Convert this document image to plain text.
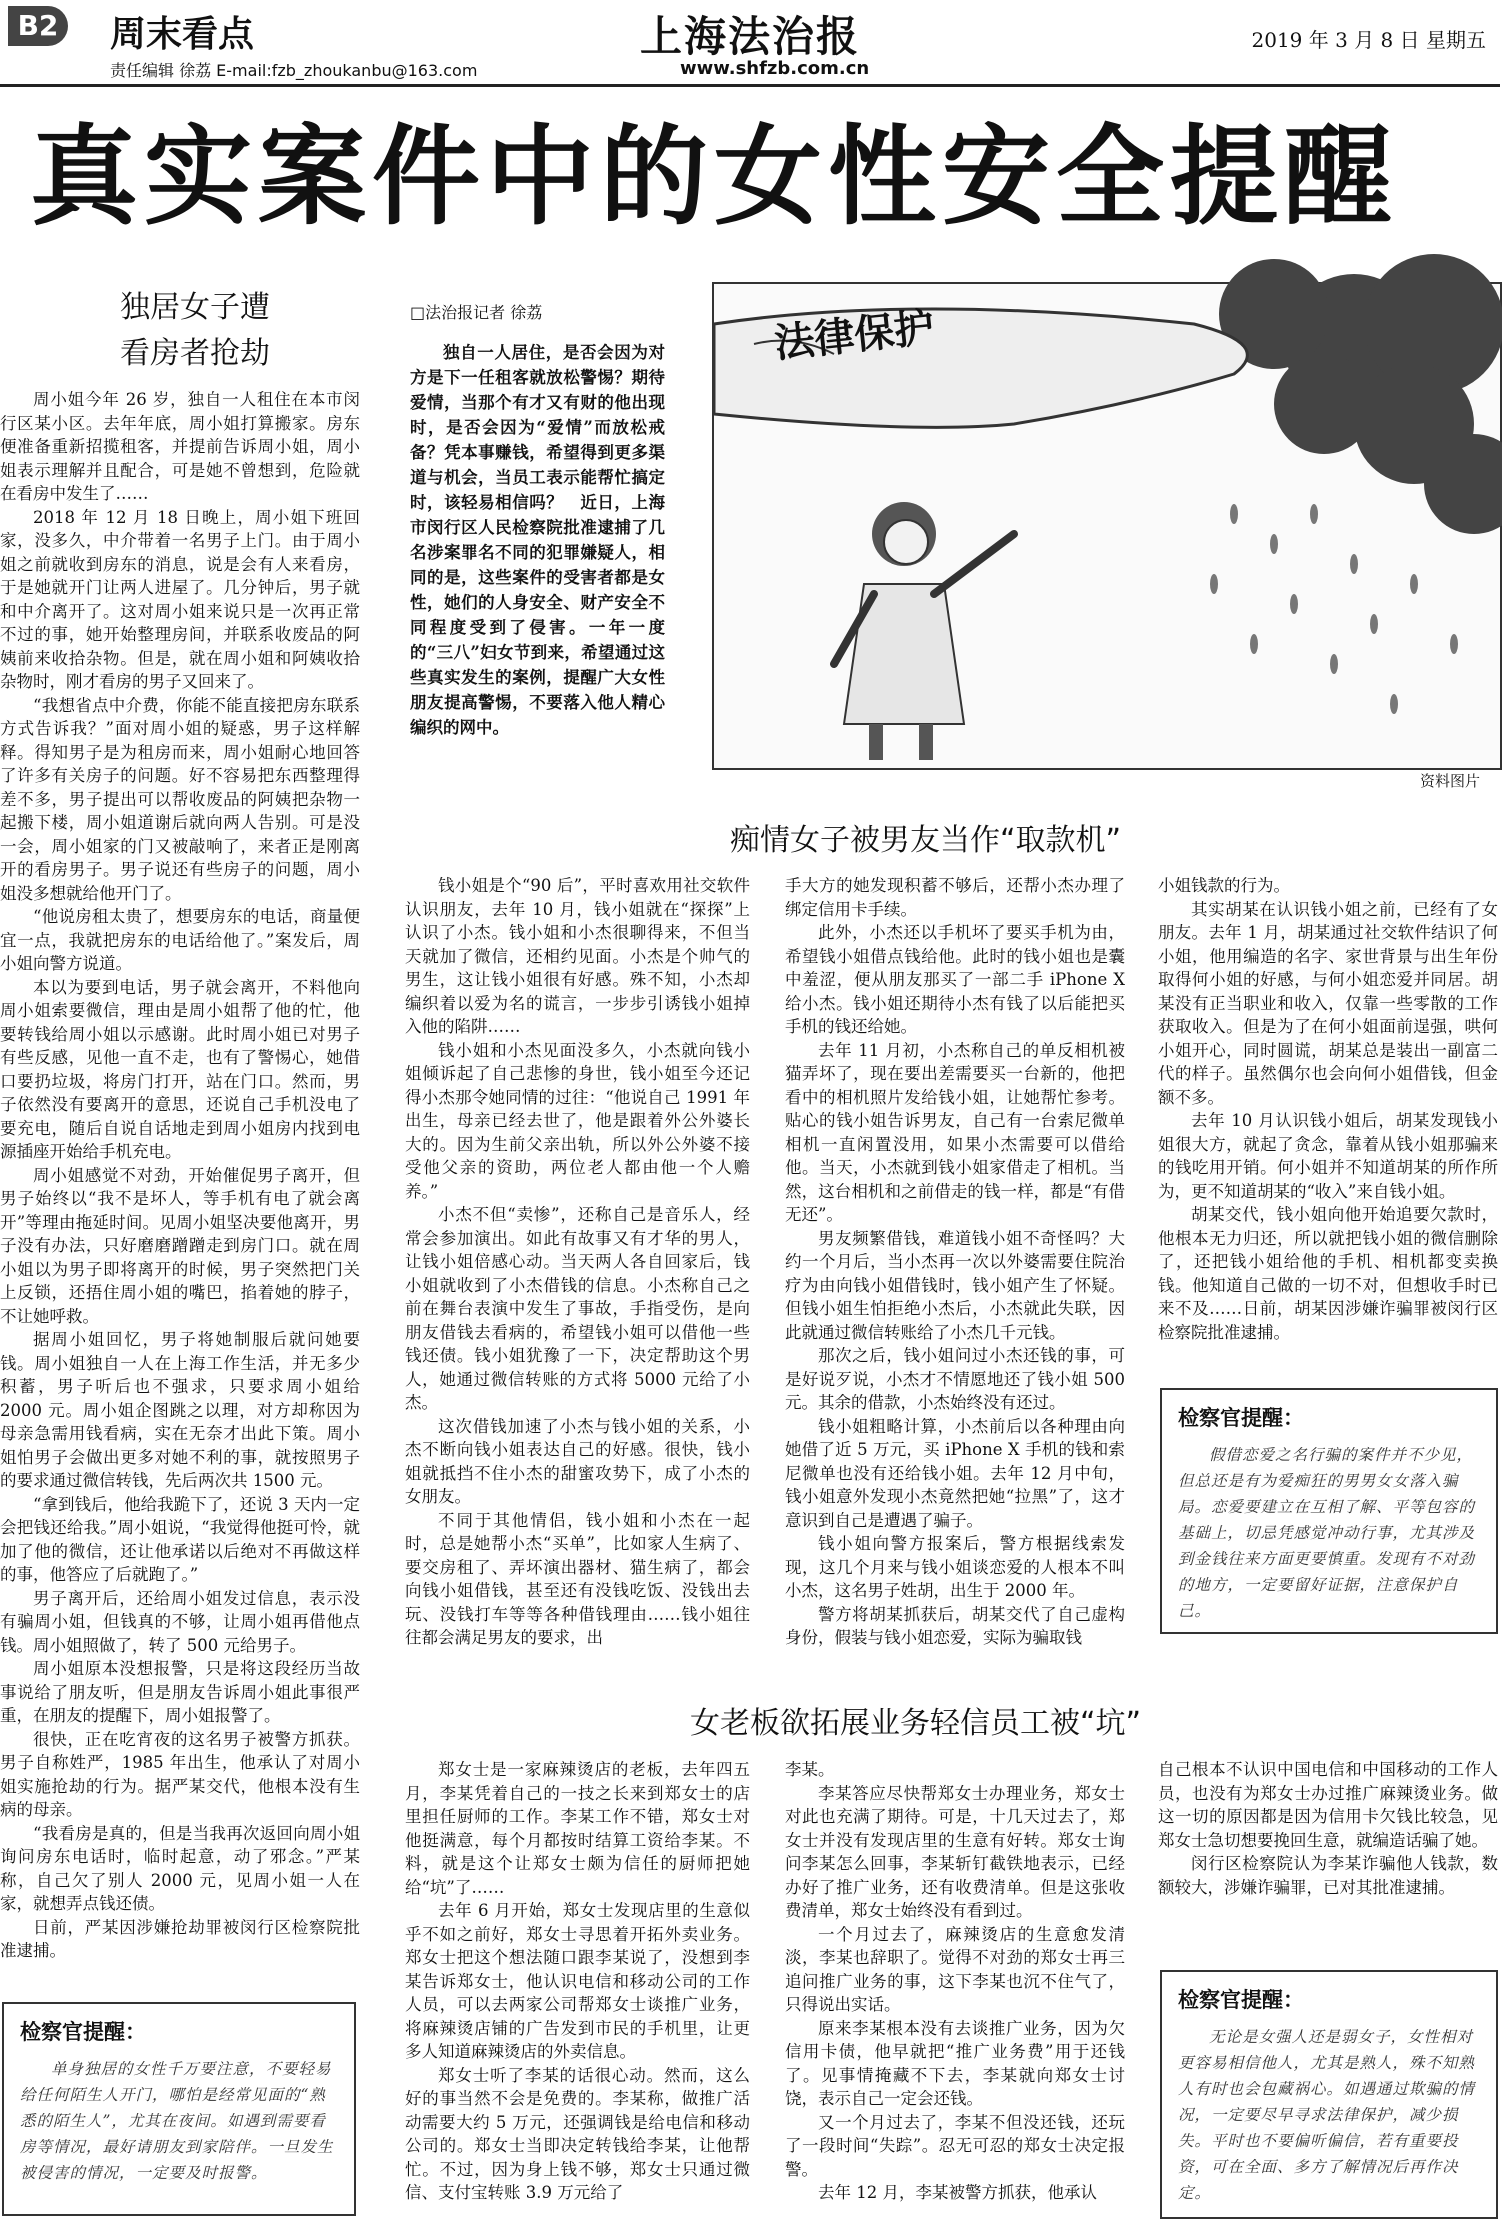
B2 周末看点
责任编辑 徐荔 E-mail:fzb_zhoukanbu@163.com
上海法治报
www.shfzb.com.cn
2019 年 3 月 8 日 星期五
真实案件中的女性安全提醒
独居女子遭
看房者抢劫

周小姐今年 26 岁，独自一人租住在本市闵行区某小区。去年年底，周小姐打算搬家。房东便准备重新招揽租客，并提前告诉周小姐，周小姐表示理解并且配合，可是她不曾想到，危险就在看房中发生了……

2018 年 12 月 18 日晚上，周小姐下班回家，没多久，中介带着一名男子上门。由于周小姐之前就收到房东的消息，说是会有人来看房，于是她就开门让两人进屋了。几分钟后，男子就和中介离开了。这对周小姐来说只是一次再正常不过的事，她开始整理房间，并联系收废品的阿姨前来收拾杂物。但是，就在周小姐和阿姨收拾杂物时，刚才看房的男子又回来了。

“我想省点中介费，你能不能直接把房东联系方式告诉我？”面对周小姐的疑惑，男子这样解释。得知男子是为租房而来，周小姐耐心地回答了许多有关房子的问题。好不容易把东西整理得差不多，男子提出可以帮收废品的阿姨把杂物一起搬下楼，周小姐道谢后就向两人告别。可是没一会，周小姐家的门又被敲响了，来者正是刚离开的看房男子。男子说还有些房子的问题，周小姐没多想就给他开门了。

“他说房租太贵了，想要房东的电话，商量便宜一点，我就把房东的电话给他了。”案发后，周小姐向警方说道。

本以为要到电话，男子就会离开，不料他向周小姐索要微信，理由是周小姐帮了他的忙，他要转钱给周小姐以示感谢。此时周小姐已对男子有些反感，见他一直不走，也有了警惕心，她借口要扔垃圾，将房门打开，站在门口。然而，男子依然没有要离开的意思，还说自己手机没电了要充电，随后自说自话地走到周小姐房内找到电源插座开始给手机充电。

周小姐感觉不对劲，开始催促男子离开，但男子始终以“我不是坏人，等手机有电了就会离开”等理由拖延时间。见周小姐坚决要他离开，男子没有办法，只好磨磨蹭蹭走到房门口。就在周小姐以为男子即将离开的时候，男子突然把门关上反锁，还捂住周小姐的嘴巴，掐着她的脖子，不让她呼救。

据周小姐回忆，男子将她制服后就问她要钱。周小姐独自一人在上海工作生活，并无多少积蓄，男子听后也不强求，只要求周小姐给 2000 元。周小姐企图跳之以理，对方却称因为母亲急需用钱看病，实在无奈才出此下策。周小姐怕男子会做出更多对她不利的事，就按照男子的要求通过微信转钱，先后两次共 1500 元。

“拿到钱后，他给我跪下了，还说 3 天内一定会把钱还给我。”周小姐说，“我觉得他挺可怜，就加了他的微信，还让他承诺以后绝对不再做这样的事，他答应了后就跑了。”

男子离开后，还给周小姐发过信息，表示没有骗周小姐，但钱真的不够，让周小姐再借他点钱。周小姐照做了，转了 500 元给男子。

周小姐原本没想报警，只是将这段经历当故事说给了朋友听，但是朋友告诉周小姐此事很严重，在朋友的提醒下，周小姐报警了。

很快，正在吃宵夜的这名男子被警方抓获。男子自称姓严，1985 年出生，他承认了对周小姐实施抢劫的行为。据严某交代，他根本没有生病的母亲。

“我看房是真的，但是当我再次返回向周小姐询问房东电话时，临时起意，动了邪念。”严某称，自己欠了别人 2000 元，见周小姐一人在家，就想弄点钱还债。

日前，严某因涉嫌抢劫罪被闵行区检察院批准逮捕。

检察官提醒：
单身独居的女性千万要注意，不要轻易给任何陌生人开门，哪怕是经常见面的“熟悉的陌生人”，尤其在夜间。如遇到需要看房等情况，最好请朋友到家陪伴。一旦发生被侵害的情况，一定要及时报警。
□法治报记者 徐荔

独自一人居住，是否会因为对方是下一任租客就放松警惕？期待爱情，当那个有才又有财的他出现时，是否会因为“爱情”而放松戒备？凭本事赚钱，希望得到更多渠道与机会，当员工表示能帮忙搞定时，该轻易相信吗？　近日，上海市闵行区人民检察院批准逮捕了几名涉案罪名不同的犯罪嫌疑人，相同的是，这些案件的受害者都是女性，她们的人身安全、财产安全不同程度受到了侵害。一年一度的“三八”妇女节到来，希望通过这些真实发生的案例，提醒广大女性朋友提高警惕，不要落入他人精心编织的网中。

法律保护
资料图片
痴情女子被男友当作“取款机”

钱小姐是个“90 后”，平时喜欢用社交软件认识朋友，去年 10 月，钱小姐就在“探探”上认识了小杰。钱小姐和小杰很聊得来，不但当天就加了微信，还相约见面。小杰是个帅气的男生，这让钱小姐很有好感。殊不知，小杰却编织着以爱为名的谎言，一步步引诱钱小姐掉入他的陷阱……

钱小姐和小杰见面没多久，小杰就向钱小姐倾诉起了自己悲惨的身世，钱小姐至今还记得小杰那令她同情的过往：“他说自己 1991 年出生，母亲已经去世了，他是跟着外公外婆长大的。因为生前父亲出轨，所以外公外婆不接受他父亲的资助，两位老人都由他一个人赡养。”

小杰不但“卖惨”，还称自己是音乐人，经常会参加演出。如此有故事又有才华的男人，让钱小姐倍感心动。当天两人各自回家后，钱小姐就收到了小杰借钱的信息。小杰称自己之前在舞台表演中发生了事故，手指受伤，是向朋友借钱去看病的，希望钱小姐可以借他一些钱还债。钱小姐犹豫了一下，决定帮助这个男人，她通过微信转账的方式将 5000 元给了小杰。

这次借钱加速了小杰与钱小姐的关系，小杰不断向钱小姐表达自己的好感。很快，钱小姐就抵挡不住小杰的甜蜜攻势下，成了小杰的女朋友。

不同于其他情侣，钱小姐和小杰在一起时，总是她帮小杰“买单”，比如家人生病了、要交房租了、弄坏演出器材、猫生病了，都会向钱小姐借钱，甚至还有没钱吃饭、没钱出去玩、没钱打车等等各种借钱理由……钱小姐往往都会满足男友的要求，出

手大方的她发现积蓄不够后，还帮小杰办理了绑定信用卡手续。

此外，小杰还以手机坏了要买手机为由，希望钱小姐借点钱给他。此时的钱小姐也是囊中羞涩，便从朋友那买了一部二手 iPhone X 给小杰。钱小姐还期待小杰有钱了以后能把买手机的钱还给她。

去年 11 月初，小杰称自己的单反相机被猫弄坏了，现在要出差需要买一台新的，他把看中的相机照片发给钱小姐，让她帮忙参考。贴心的钱小姐告诉男友，自己有一台索尼微单相机一直闲置没用，如果小杰需要可以借给他。当天，小杰就到钱小姐家借走了相机。当然，这台相机和之前借走的钱一样，都是“有借无还”。

男友频繁借钱，难道钱小姐不奇怪吗？大约一个月后，当小杰再一次以外婆需要住院治疗为由向钱小姐借钱时，钱小姐产生了怀疑。但钱小姐生怕拒绝小杰后，小杰就此失联，因此就通过微信转账给了小杰几千元钱。

那次之后，钱小姐问过小杰还钱的事，可是好说歹说，小杰才不情愿地还了钱小姐 500 元。其余的借款，小杰始终没有还过。

钱小姐粗略计算，小杰前后以各种理由向她借了近 5 万元，买 iPhone X 手机的钱和索尼微单也没有还给钱小姐。去年 12 月中旬，钱小姐意外发现小杰竟然把她“拉黑”了，这才意识到自己是遭遇了骗子。

钱小姐向警方报案后，警方根据线索发现，这几个月来与钱小姐谈恋爱的人根本不叫小杰，这名男子姓胡，出生于 2000 年。

警方将胡某抓获后，胡某交代了自己虚构身份，假装与钱小姐恋爱，实际为骗取钱

小姐钱款的行为。

其实胡某在认识钱小姐之前，已经有了女朋友。去年 1 月，胡某通过社交软件结识了何小姐，他用编造的名字、家世背景与出生年份取得何小姐的好感，与何小姐恋爱并同居。胡某没有正当职业和收入，仅靠一些零散的工作获取收入。但是为了在何小姐面前逞强，哄何小姐开心，同时圆谎，胡某总是装出一副富二代的样子。虽然偶尔也会向何小姐借钱，但金额不多。

去年 10 月认识钱小姐后，胡某发现钱小姐很大方，就起了贪念，靠着从钱小姐那骗来的钱吃用开销。何小姐并不知道胡某的所作所为，更不知道胡某的“收入”来自钱小姐。

胡某交代，钱小姐向他开始追要欠款时，他根本无力归还，所以就把钱小姐的微信删除了，还把钱小姐给他的手机、相机都变卖换钱。他知道自己做的一切不对，但想收手时已来不及……日前，胡某因涉嫌诈骗罪被闵行区检察院批准逮捕。

检察官提醒：
假借恋爱之名行骗的案件并不少见，但总还是有为爱痴狂的男男女女落入骗局。恋爱要建立在互相了解、平等包容的基础上，切忌凭感觉冲动行事，尤其涉及到金钱往来方面更要慎重。发现有不对劲的地方，一定要留好证据，注意保护自己。
女老板欲拓展业务轻信员工被“坑”

郑女士是一家麻辣烫店的老板，去年四五月，李某凭着自己的一技之长来到郑女士的店里担任厨师的工作。李某工作不错，郑女士对他挺满意，每个月都按时结算工资给李某。不料，就是这个让郑女士颇为信任的厨师把她给“坑”了……

去年 6 月开始，郑女士发现店里的生意似乎不如之前好，郑女士寻思着开拓外卖业务。郑女士把这个想法随口跟李某说了，没想到李某告诉郑女士，他认识电信和移动公司的工作人员，可以去两家公司帮郑女士谈推广业务，将麻辣烫店铺的广告发到市民的手机里，让更多人知道麻辣烫店的外卖信息。

郑女士听了李某的话很心动。然而，这么好的事当然不会是免费的。李某称，做推广活动需要大约 5 万元，还强调钱是给电信和移动公司的。郑女士当即决定转钱给李某，让他帮忙。不过，因为身上钱不够，郑女士只通过微信、支付宝转账 3.9 万元给了

李某。

李某答应尽快帮郑女士办理业务，郑女士对此也充满了期待。可是，十几天过去了，郑女士并没有发现店里的生意有好转。郑女士询问李某怎么回事，李某斩钉截铁地表示，已经办好了推广业务，还有收费清单。但是这张收费清单，郑女士始终没有看到过。

一个月过去了，麻辣烫店的生意愈发清淡，李某也辞职了。觉得不对劲的郑女士再三追问推广业务的事，这下李某也沉不住气了，只得说出实话。

原来李某根本没有去谈推广业务，因为欠信用卡债，他早就把“推广业务费”用于还钱了。见事情掩藏不下去，李某就向郑女士讨饶，表示自己一定会还钱。

又一个月过去了，李某不但没还钱，还玩了一段时间“失踪”。忍无可忍的郑女士决定报警。

去年 12 月，李某被警方抓获，他承认

自己根本不认识中国电信和中国移动的工作人员，也没有为郑女士办过推广麻辣烫业务。做这一切的原因都是因为信用卡欠钱比较急，见郑女士急切想要挽回生意，就编造话骗了她。

闵行区检察院认为李某诈骗他人钱款，数额较大，涉嫌诈骗罪，已对其批准逮捕。

检察官提醒：
无论是女强人还是弱女子，女性相对更容易相信他人，尤其是熟人，殊不知熟人有时也会包藏祸心。如遇通过欺骗的情况，一定要尽早寻求法律保护，减少损失。平时也不要偏听偏信，若有重要投资，可在全面、多方了解情况后再作决定。
